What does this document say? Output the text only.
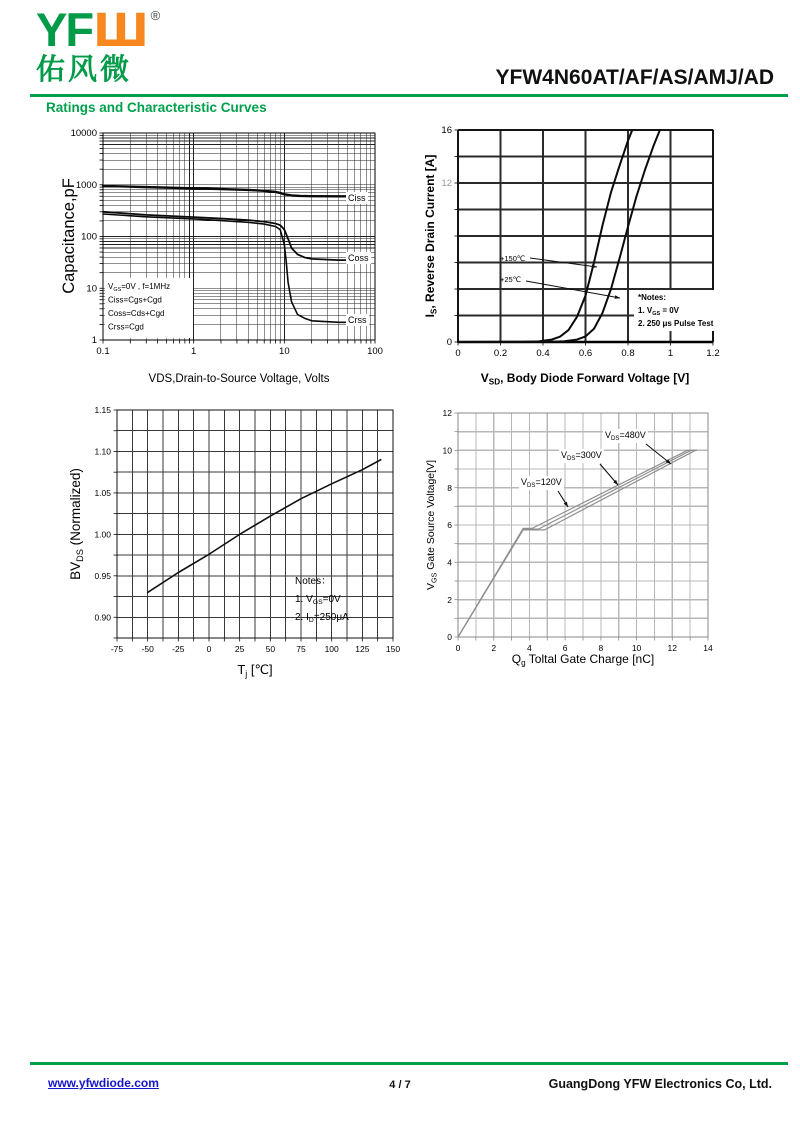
YFШ ®
佑风微	YFW4N60AT/AF/AS/AMJ/AD
Ratings and Characteristic Curves
0.1	1	10	100
1
10
100
1000
10000
$V_{GS}=0V$ , f=1MHz
Ciss=Cgs+Cgd
Coss=Cds+Cgd
Crss=Cgd
Ciss
Coss
Crss
VDS,Drain-to-Source Voltage, Volts
Capacitance,pF
0	0.2	0.4	0.6	0.8	1	1.2
16
12
0
*Notes:
1. $V_{GS} = 0V$
2. 250 μs Pulse Test
+150℃
+25℃
$V_{SD}$, Body Diode Forward Voltage [V]
$I_S$, Reverse Drain Current [A]
-75 -50 -25	0	25 50 75 100 125 150
0.90
0.95
1.00
1.05
1.10
1.15
Notes：
1. $V_{GS}=0V$
2. $I_D=250\mu A$
$T_j$ [℃]
$BV_{DS}$ (Normalized)
0	2	4	6	8	10	12	14
0
2
4
6
8
10
12
$V_{DS}=480V$
$V_{DS}=300V$
$V_{DS}=120V$
$Q_g$ Toltal Gate Charge [nC]
$V_{GS}$ Gate Source Voltage[V]
www.yfwdiode.com	4 / 7	GuangDong YFW Electronics Co, Ltd.
